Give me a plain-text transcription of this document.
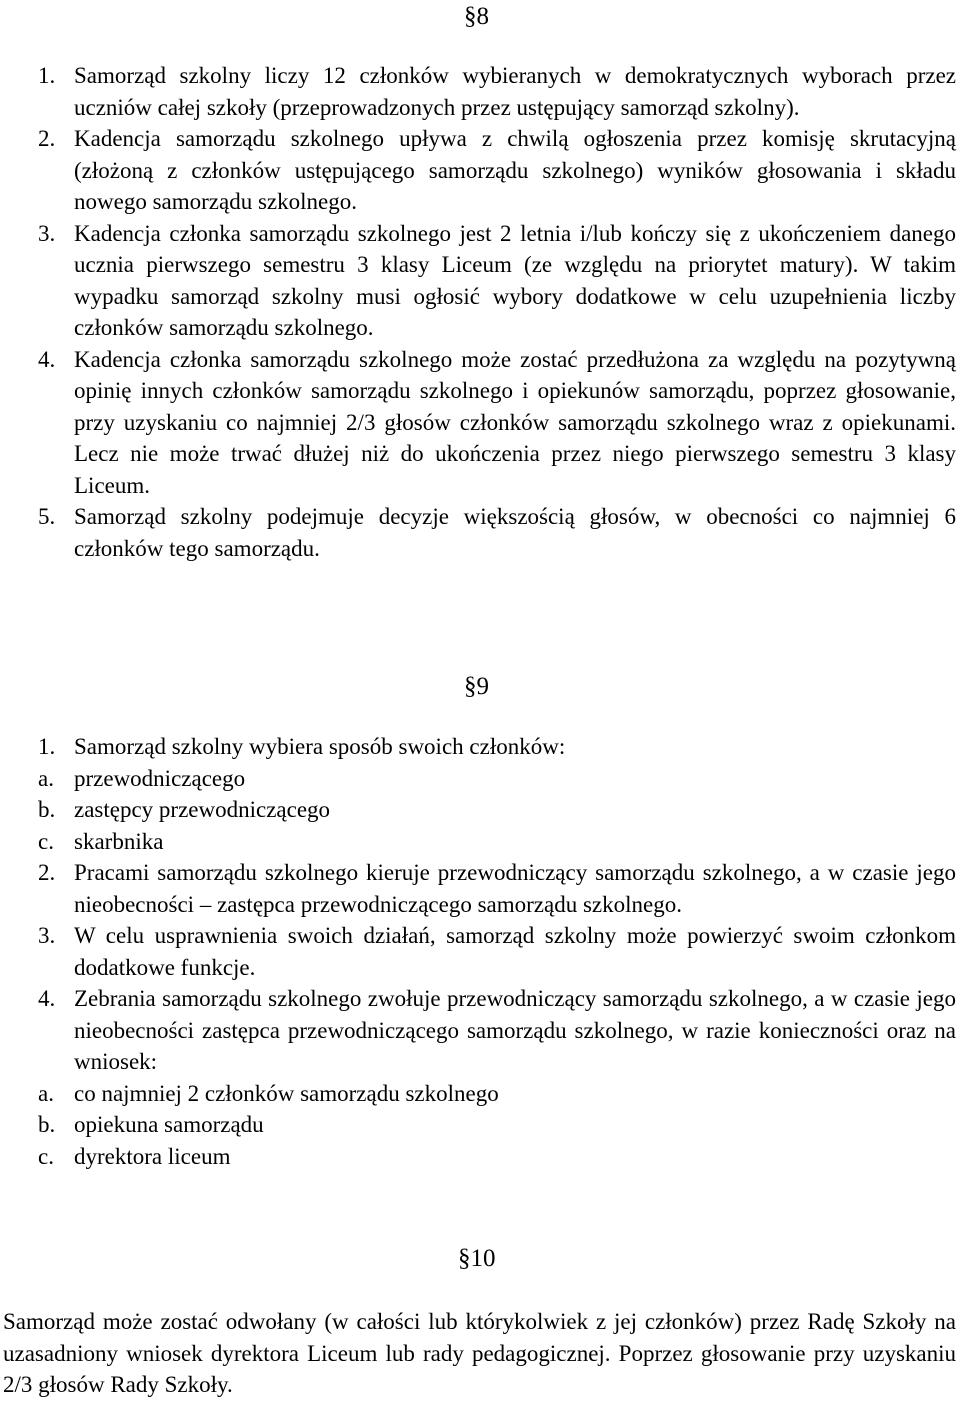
§8
1. Samorząd szkolny liczy 12 członków wybieranych w demokratycznych wyborach przez uczniów całej szkoły (przeprowadzonych przez ustępujący samorząd szkolny).
2. Kadencja samorządu szkolnego upływa z chwilą ogłoszenia przez komisję skrutacyjną (złożoną z członków ustępującego samorządu szkolnego) wyników głosowania i składu nowego samorządu szkolnego.
3. Kadencja członka samorządu szkolnego jest 2 letnia i/lub kończy się z ukończeniem danego ucznia pierwszego semestru 3 klasy Liceum (ze względu na priorytet matury). W takim wypadku samorząd szkolny musi ogłosić wybory dodatkowe w celu uzupełnienia liczby członków samorządu szkolnego.
4. Kadencja członka samorządu szkolnego może zostać przedłużona za względu na pozytywną opinię innych członków samorządu szkolnego i opiekunów samorządu, poprzez głosowanie, przy uzyskaniu co najmniej 2/3 głosów członków samorządu szkolnego wraz z opiekunami. Lecz nie może trwać dłużej niż do ukończenia przez niego pierwszego semestru 3 klasy Liceum.
5. Samorząd szkolny podejmuje decyzje większością głosów, w obecności co najmniej 6 członków tego samorządu.
§9
1. Samorząd szkolny wybiera sposób swoich członków:
a. przewodniczącego
b. zastępcy przewodniczącego
c. skarbnika
2. Pracami samorządu szkolnego kieruje przewodniczący samorządu szkolnego, a w czasie jego nieobecności – zastępca przewodniczącego samorządu szkolnego.
3. W celu usprawnienia swoich działań, samorząd szkolny może powierzyć swoim członkom dodatkowe funkcje.
4. Zebrania samorządu szkolnego zwołuje przewodniczący samorządu szkolnego, a w czasie jego nieobecności zastępca przewodniczącego samorządu szkolnego, w razie konieczności oraz na wniosek:
a. co najmniej 2 członków samorządu szkolnego
b. opiekuna samorządu
c. dyrektora liceum
§10
Samorząd może zostać odwołany (w całości lub którykolwiek z jej członków) przez Radę Szkoły na uzasadniony wniosek dyrektora Liceum lub rady pedagogicznej. Poprzez głosowanie przy uzyskaniu 2/3 głosów Rady Szkoły.
